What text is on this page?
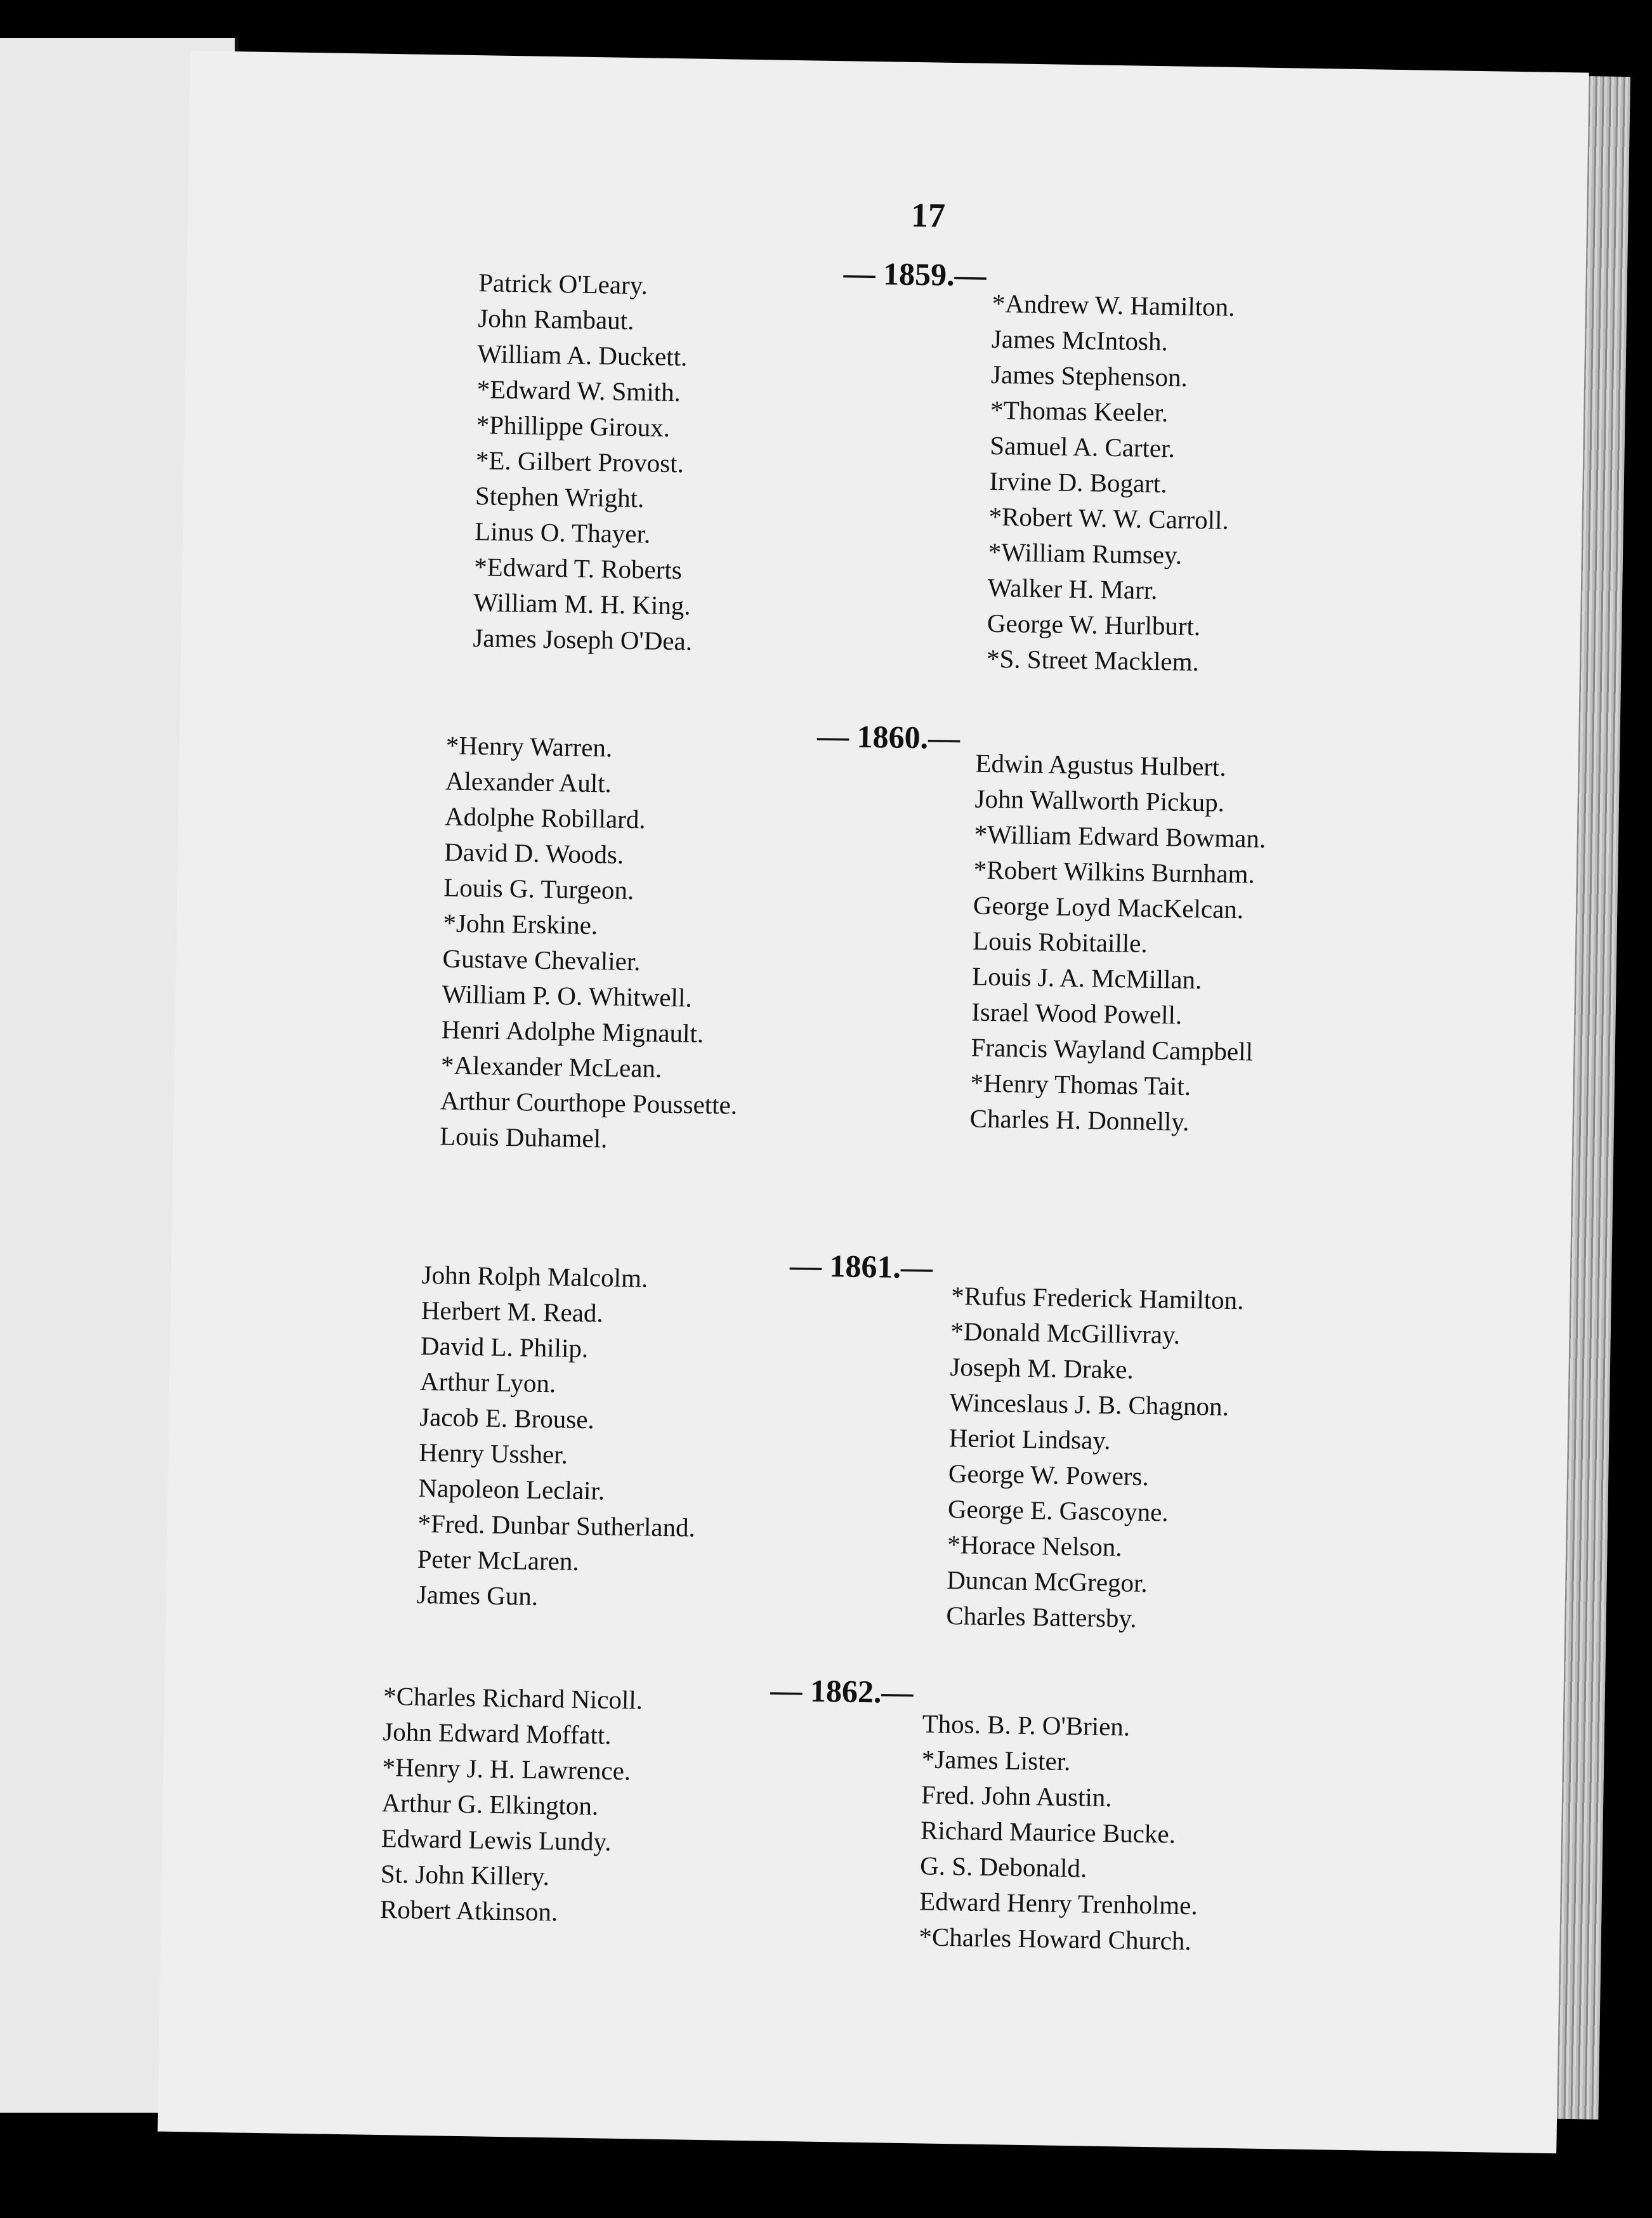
17
— 1859.—
Patrick O'Leary.
John Rambaut.
William A. Duckett.
*Edward W. Smith.
*Phillippe Giroux.
*E. Gilbert Provost.
Stephen Wright.
Linus O. Thayer.
*Edward T. Roberts
William M. H. King.
James Joseph O'Dea.
*Andrew W. Hamilton.
James McIntosh.
James Stephenson.
*Thomas Keeler.
Samuel A. Carter.
Irvine D. Bogart.
*Robert W. W. Carroll.
*William Rumsey.
Walker H. Marr.
George W. Hurlburt.
*S. Street Macklem.
— 1860.—
*Henry Warren.
Alexander Ault.
Adolphe Robillard.
David D. Woods.
Louis G. Turgeon.
*John Erskine.
Gustave Chevalier.
William P. O. Whitwell.
Henri Adolphe Mignault.
*Alexander McLean.
Arthur Courthope Poussette.
Louis Duhamel.
Edwin Agustus Hulbert.
John Wallworth Pickup.
*William Edward Bowman.
*Robert Wilkins Burnham.
George Loyd MacKelcan.
Louis Robitaille.
Louis J. A. McMillan.
Israel Wood Powell.
Francis Wayland Campbell
*Henry Thomas Tait.
Charles H. Donnelly.
— 1861.—
John Rolph Malcolm.
Herbert M. Read.
David L. Philip.
Arthur Lyon.
Jacob E. Brouse.
Henry Ussher.
Napoleon Leclair.
*Fred. Dunbar Sutherland.
Peter McLaren.
James Gun.
*Rufus Frederick Hamilton.
*Donald McGillivray.
Joseph M. Drake.
Winceslaus J. B. Chagnon.
Heriot Lindsay.
George W. Powers.
George E. Gascoyne.
*Horace Nelson.
Duncan McGregor.
Charles Battersby.
— 1862.—
*Charles Richard Nicoll.
John Edward Moffatt.
*Henry J. H. Lawrence.
Arthur G. Elkington.
Edward Lewis Lundy.
St. John Killery.
Robert Atkinson.
Thos. B. P. O'Brien.
*James Lister.
Fred. John Austin.
Richard Maurice Bucke.
G. S. Debonald.
Edward Henry Trenholme.
*Charles Howard Church.
